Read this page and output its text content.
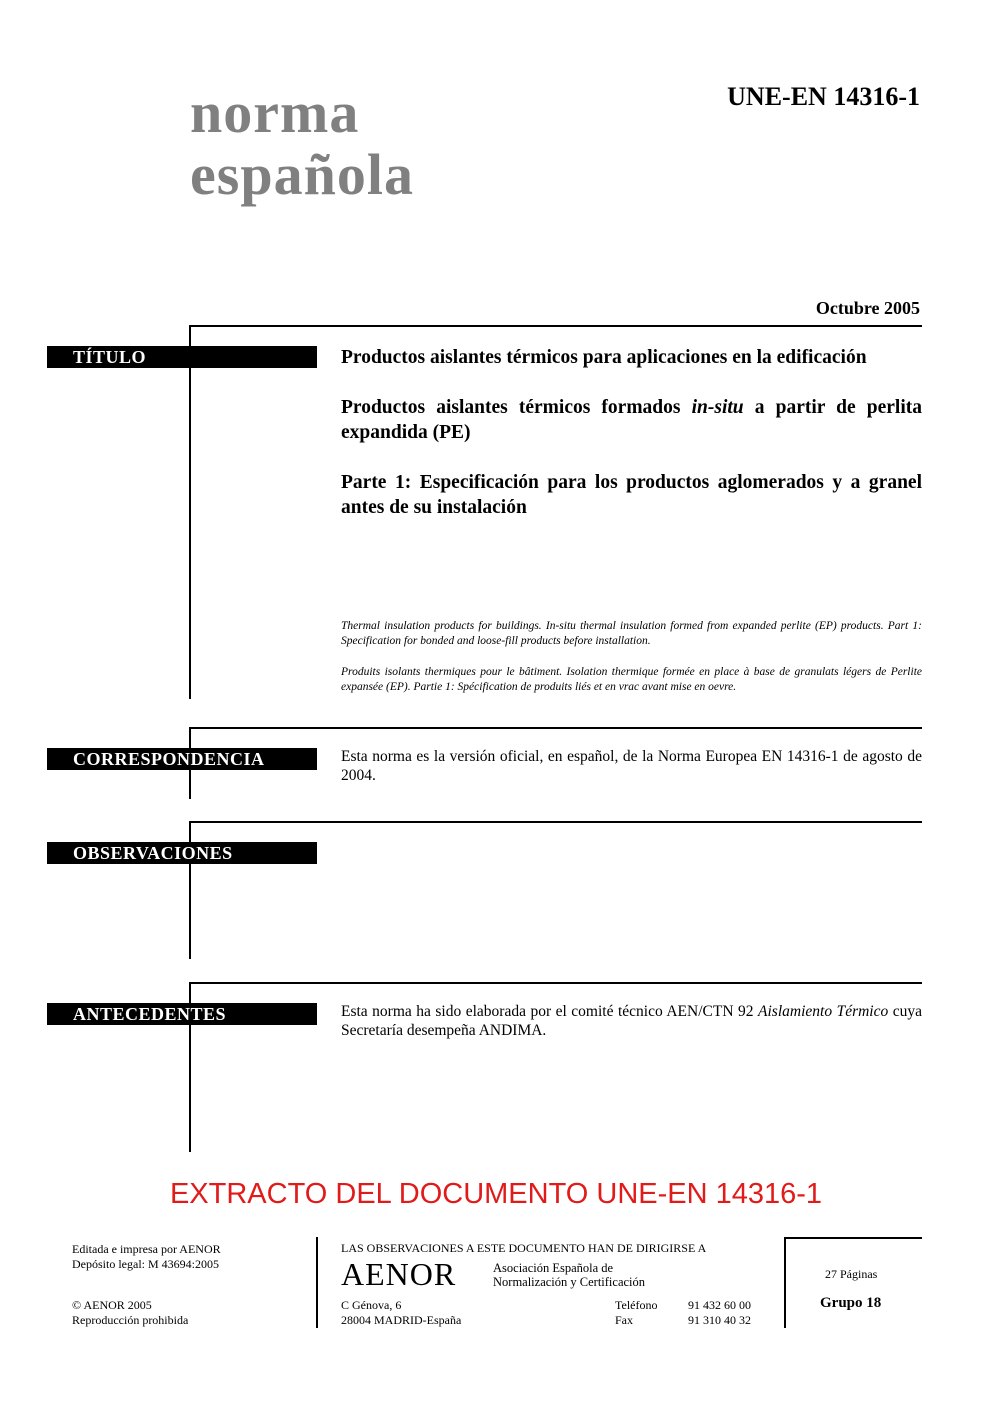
norma
española
UNE-EN 14316-1
Octubre 2005
TÍTULO	Productos aislantes térmicos para aplicaciones en la edificación
Productos aislantes térmicos formados in-situ a partir de perlita expandida (PE)
Parte 1: Especificación para los productos aglomerados y a granel antes de su instalación
Thermal insulation products for buildings. In-situ thermal insulation formed from expanded perlite (EP) products. Part 1: Specification for bonded and loose-fill products before installation.
Produits isolants thermiques pour le bâtiment. Isolation thermique formée en place à base de granulats légers de Perlite expansée (EP). Partie 1: Spécification de produits liés et en vrac avant mise en oevre.
CORRESPONDENCIA	Esta norma es la versión oficial, en español, de la Norma Europea EN 14316-1 de agosto de 2004.
OBSERVACIONES
ANTECEDENTES	Esta norma ha sido elaborada por el comité técnico AEN/CTN 92 Aislamiento Térmico cuya Secretaría desempeña ANDIMA.
EXTRACTO DEL DOCUMENTO UNE-EN 14316-1
Editada e impresa por AENOR
Depósito legal: M 43694:2005
© AENOR 2005
Reproducción prohibida
LAS OBSERVACIONES A ESTE DOCUMENTO HAN DE DIRIGIRSE A
AENOR	Asociación Española de
Normalización y Certificación
C Génova, 6
28004 MADRID-España
Teléfono	91 432 60 00
Fax	91 310 40 32
27 Páginas
Grupo 18
